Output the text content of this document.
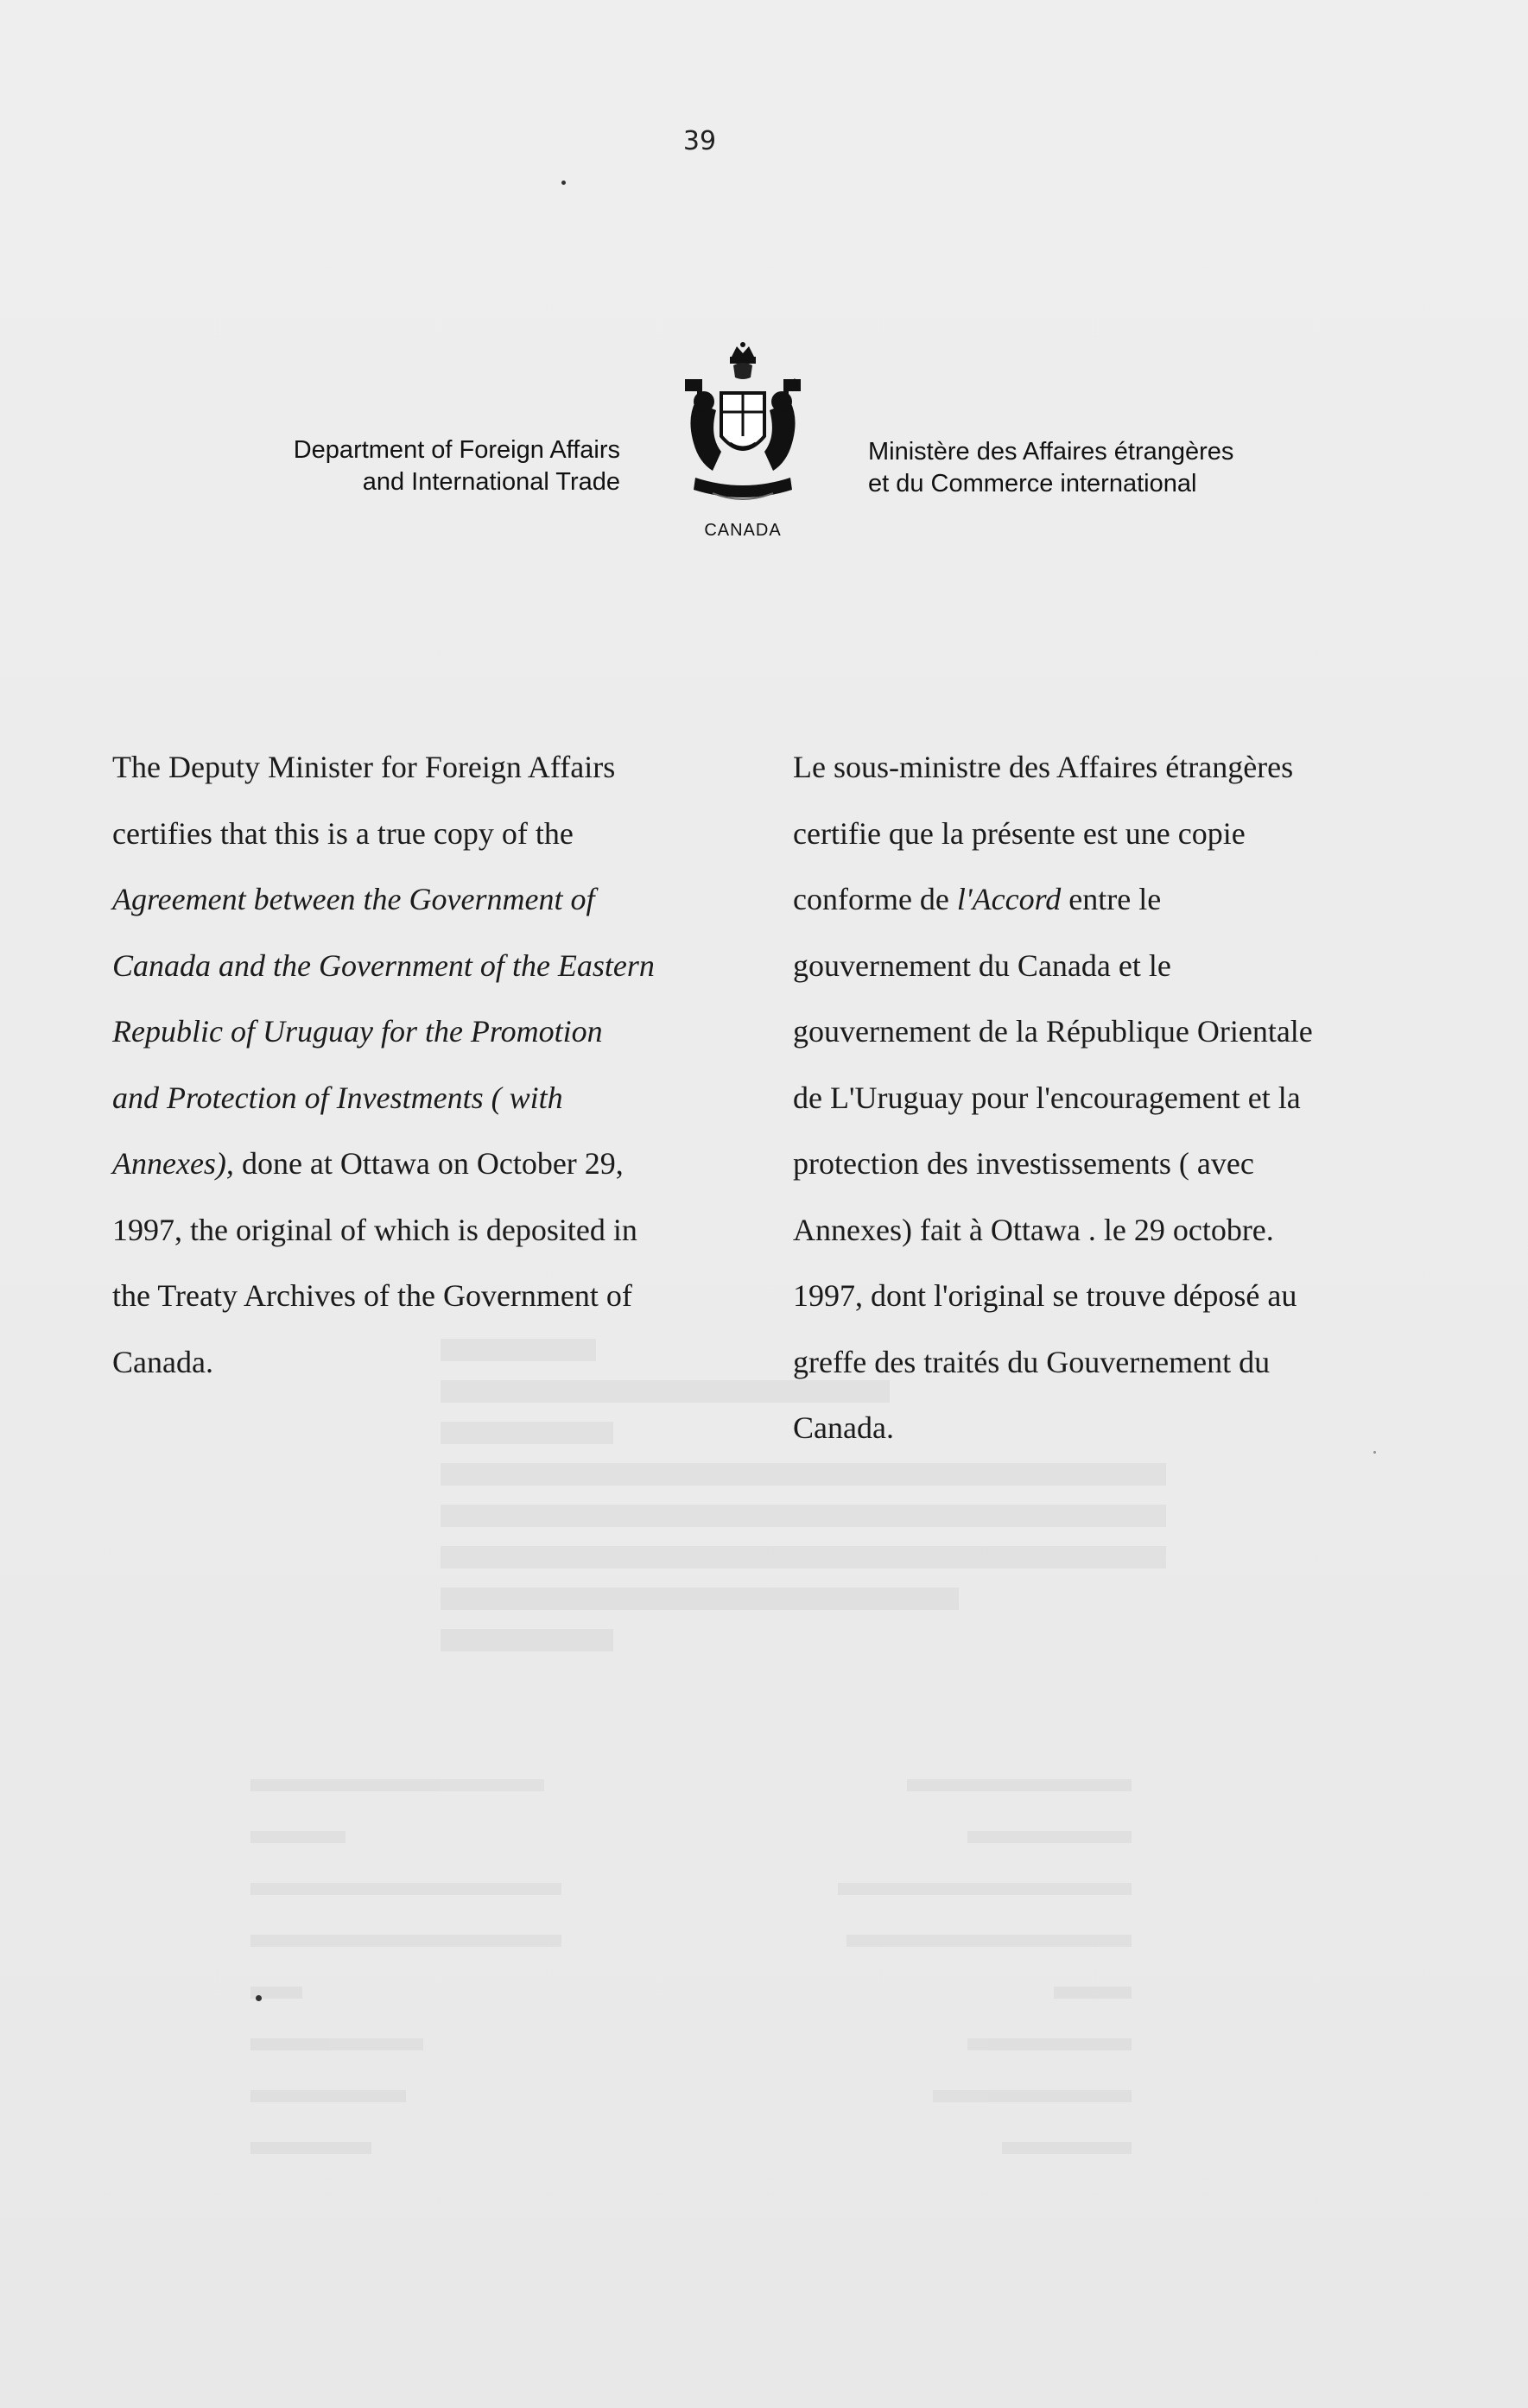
39
Department of Foreign Affairs
and International Trade
CANADA
Ministère des Affaires étrangères
et du Commerce international
The Deputy Minister for Foreign Affairs
certifies that this is a true copy of the
Agreement between the Government of
Canada and the Government of the Eastern
Republic of Uruguay for the Promotion
and Protection of Investments ( with
Annexes), done at Ottawa on October 29,
1997, the original of which is deposited in
the Treaty Archives of the Government of
Canada.
Le sous-ministre des Affaires étrangères
certifie que la présente est une copie
conforme de l'Accord entre le
gouvernement du Canada et le
gouvernement de la République Orientale
de L'Uruguay pour l'encouragement et la
protection des investissements ( avec
Annexes) fait à Ottawa . le 29 octobre.
1997, dont l'original se trouve déposé au
greffe des traités du Gouvernement du
Canada.
